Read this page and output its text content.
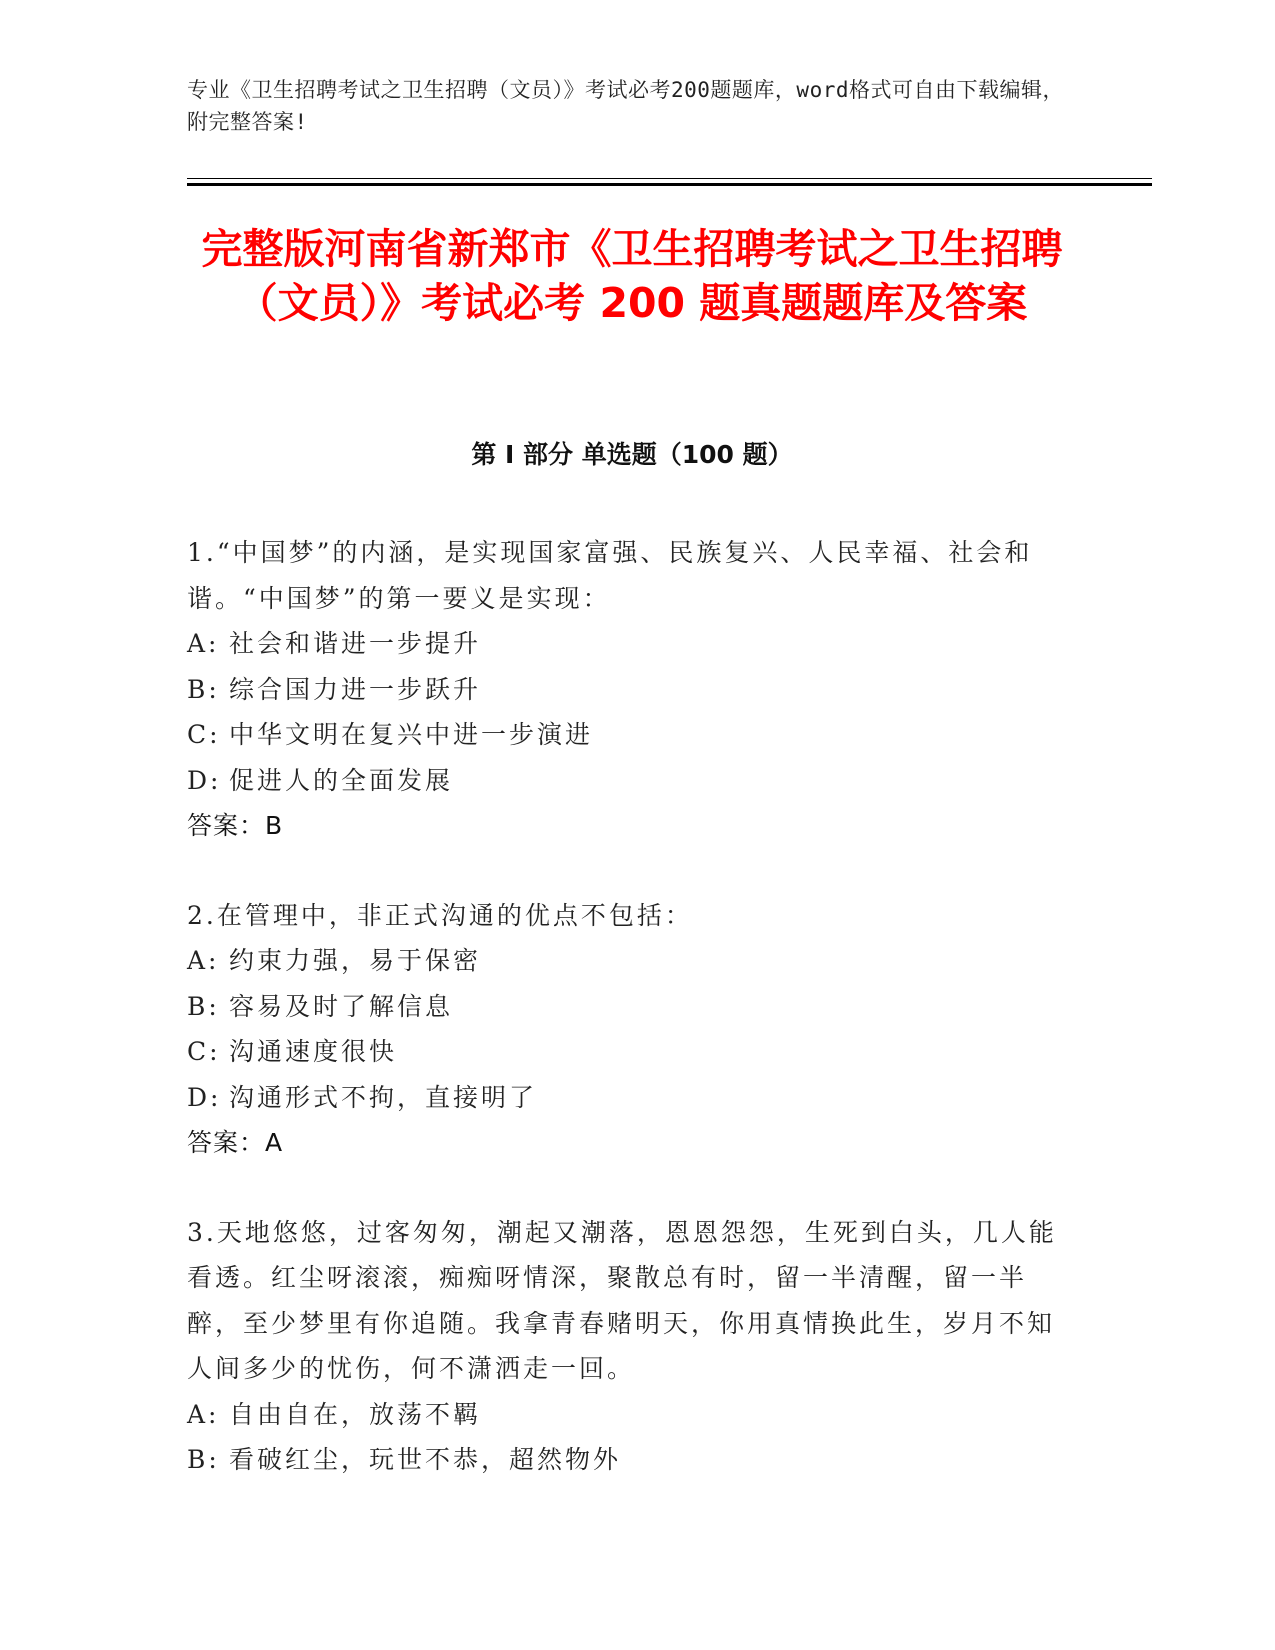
专业《卫生招聘考试之卫生招聘（文员）》考试必考200题题库，word格式可自由下载编辑，附完整答案!
完整版河南省新郑市《卫生招聘考试之卫生招聘（文员）》考试必考 200 题真题题库及答案
第 I 部分 单选题（100 题）
1.“中国梦”的内涵，是实现国家富强、民族复兴、人民幸福、社会和谐。“中国梦”的第一要义是实现：
A: 社会和谐进一步提升
B: 综合国力进一步跃升
C: 中华文明在复兴中进一步演进
D: 促进人的全面发展
答案：B
2.在管理中，非正式沟通的优点不包括：
A: 约束力强，易于保密
B: 容易及时了解信息
C: 沟通速度很快
D: 沟通形式不拘，直接明了
答案：A
3.天地悠悠，过客匆匆，潮起又潮落，恩恩怨怨，生死到白头，几人能看透。红尘呀滚滚，痴痴呀情深，聚散总有时，留一半清醒，留一半醉，至少梦里有你追随。我拿青春赌明天，你用真情换此生，岁月不知人间多少的忧伤，何不潇洒走一回。
A: 自由自在，放荡不羁
B: 看破红尘，玩世不恭，超然物外
